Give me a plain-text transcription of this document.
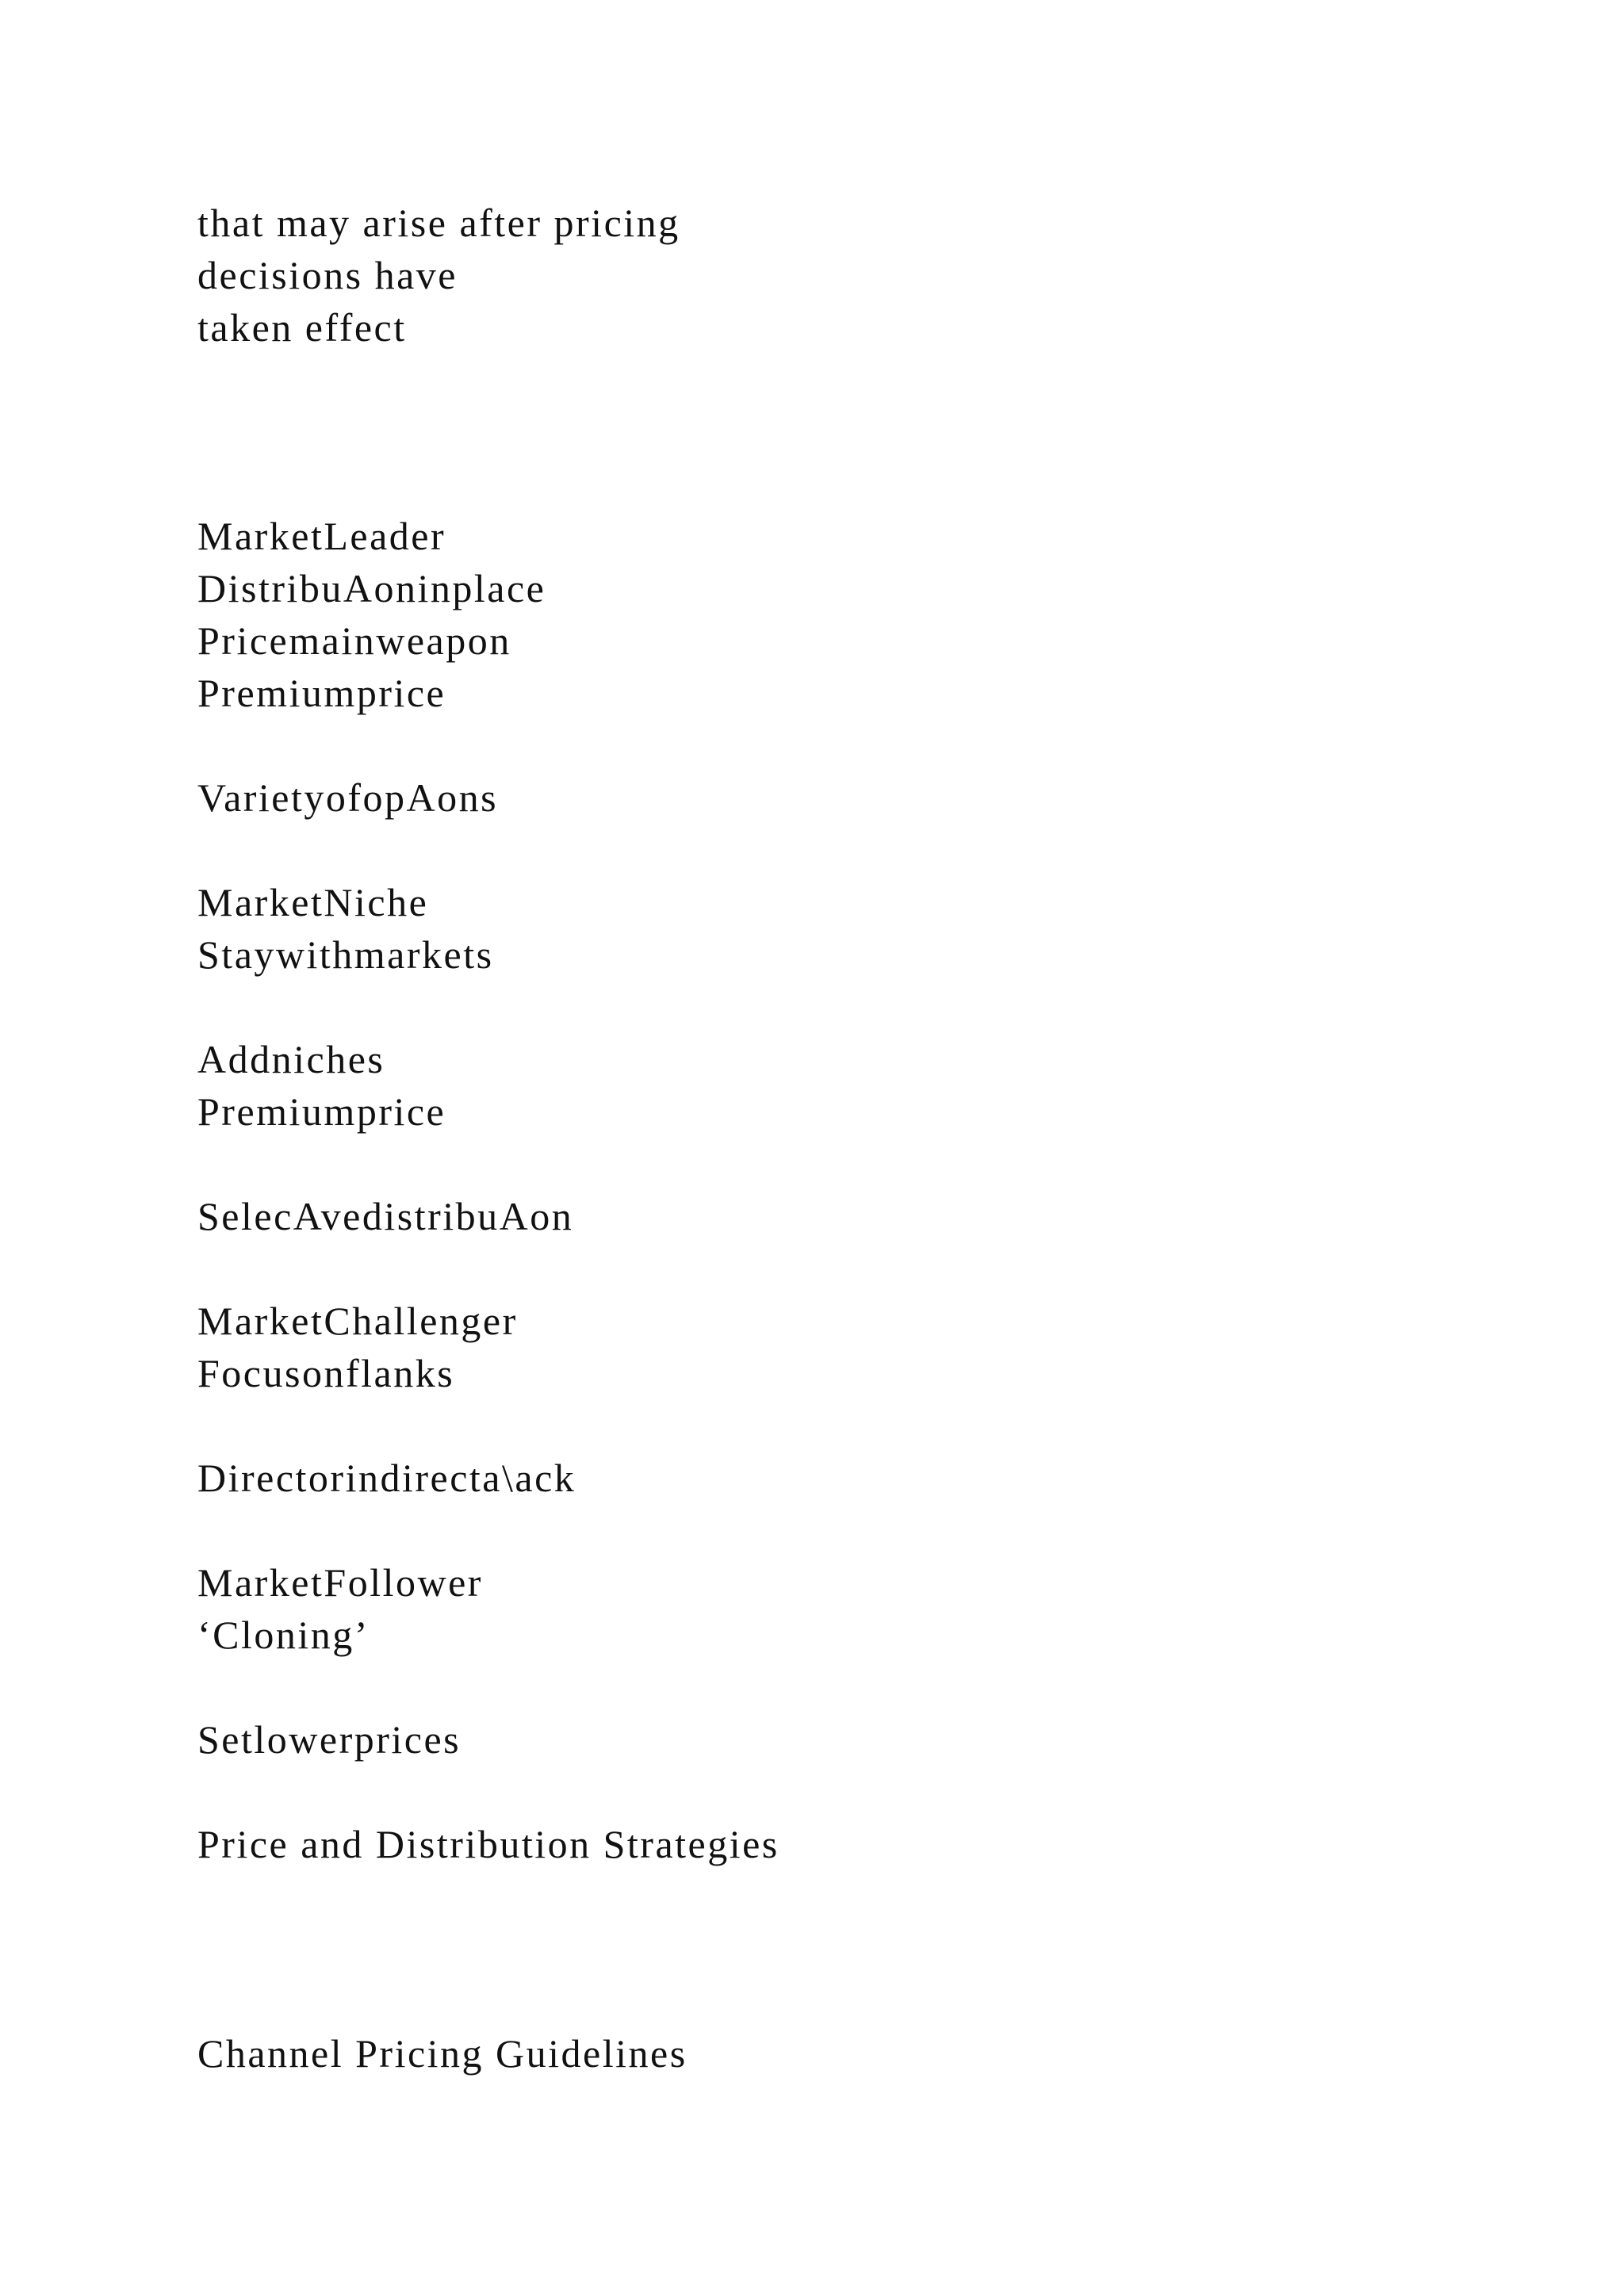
that may arise after pricing

decisions have

taken effect

MarketLeader

DistribuAoninplace

Pricemainweapon

Premiumprice

VarietyofopAons

MarketNiche

Staywithmarkets

Addniches

Premiumprice

SelecAvedistribuAon

MarketChallenger

Focusonflanks

Directorindirecta\ack

MarketFollower

‘Cloning’

Setlowerprices

Price and Distribution Strategies

Channel Pricing Guidelines
